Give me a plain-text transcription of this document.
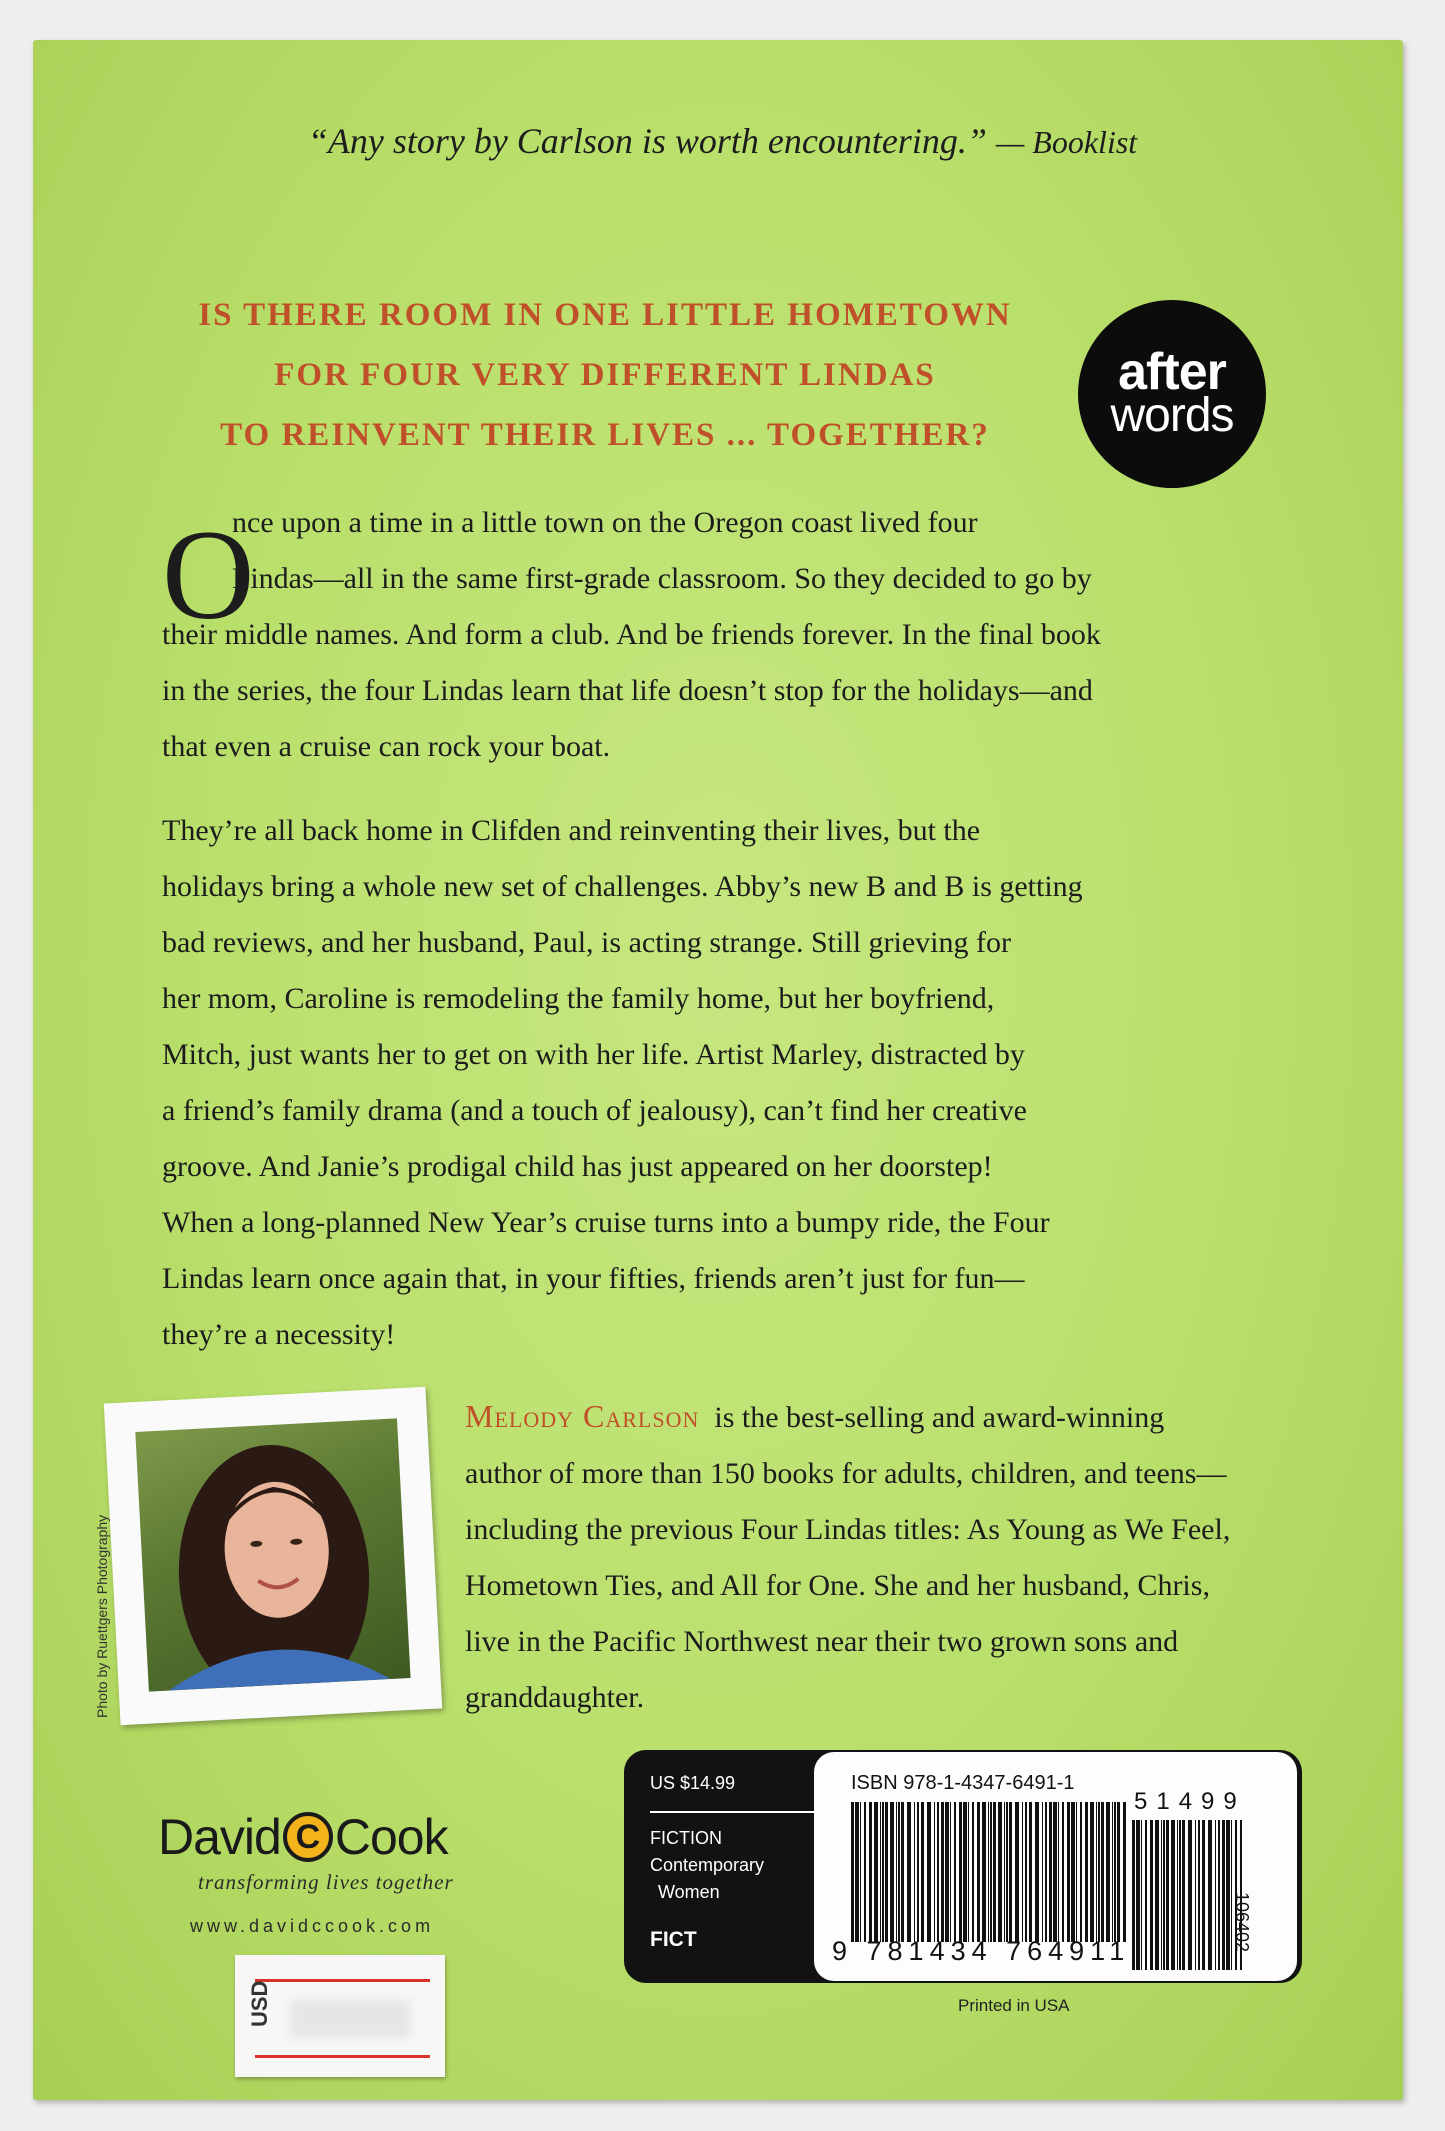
“Any story by Carlson is worth encountering.” — Booklist
IS THERE ROOM IN ONE LITTLE HOMETOWN
FOR FOUR VERY DIFFERENT LINDAS
TO REINVENT THEIR LIVES ... TOGETHER?
after
words
O
nce upon a time in a little town on the Oregon coast lived four
Lindas—all in the same first-grade classroom. So they decided to go by
their middle names. And form a club. And be friends forever. In the final book
in the series, the four Lindas learn that life doesn’t stop for the holidays—and
that even a cruise can rock your boat.
They’re all back home in Clifden and reinventing their lives, but the
holidays bring a whole new set of challenges. Abby’s new B and B is getting
bad reviews, and her husband, Paul, is acting strange. Still grieving for
her mom, Caroline is remodeling the family home, but her boyfriend,
Mitch, just wants her to get on with her life. Artist Marley, distracted by
a friend’s family drama (and a touch of jealousy), can’t find her creative
groove. And Janie’s prodigal child has just appeared on her doorstep!
When a long-planned New Year’s cruise turns into a bumpy ride, the Four
Lindas learn once again that, in your fifties, friends aren’t just for fun—
they’re a necessity!
Photo by Ruettgers Photography
Melody Carlson is the best-selling and award-winning
author of more than 150 books for adults, children, and teens—
including the previous Four Lindas titles: As Young as We Feel,
Hometown Ties, and All for One. She and her husband, Chris,
live in the Pacific Northwest near their two grown sons and
granddaughter.
David C Cook
transforming lives together
www.davidccook.com
USD
US $14.99
FICTION
Contemporary
Women
FICT
ISBN 978-1-4347-6491-1
9 781434 764911
51499
106402
Printed in USA
